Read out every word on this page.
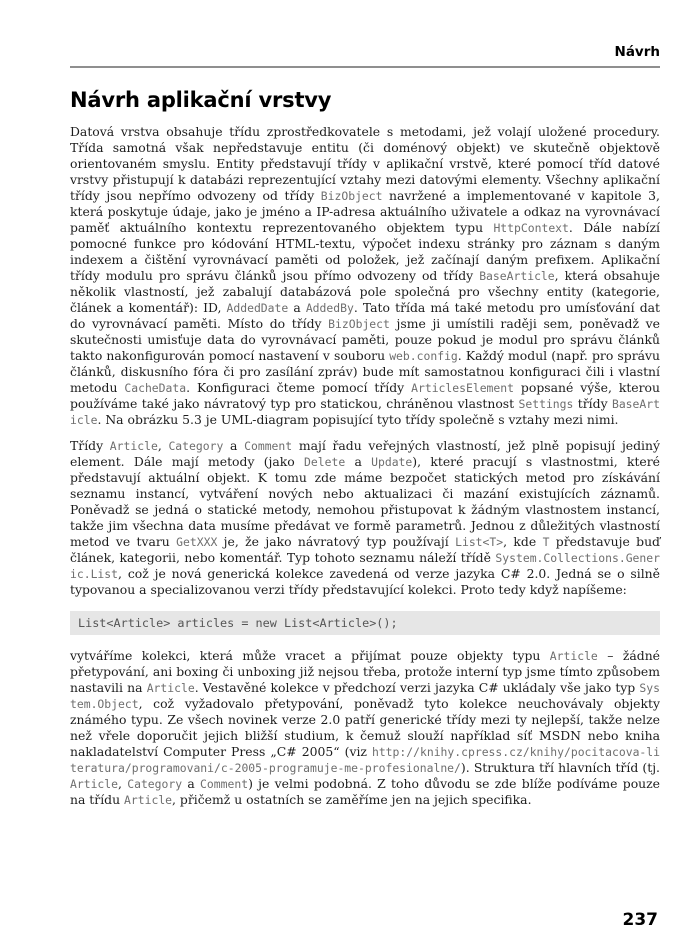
Návrh
Návrh aplikační vrstvy

Datová vrstva obsahuje třídu zprostředkovatele s metodami, jež volají uložené procedury. Třída samotná však nepředstavuje entitu (či doménový objekt) ve skutečně objektově orientovaném smyslu. Entity představují třídy v aplikační vrstvě, které pomocí tříd datové vrstvy přistupují k databázi reprezentující vztahy mezi datovými elementy. Všechny aplikační třídy jsou nepřímo odvozeny od třídy BizObject navržené a implementované v kapitole 3, která poskytuje údaje, jako je jméno a IP-adresa aktuálního uživatele a odkaz na vyrovnávací paměť aktuálního kontextu reprezentovaného objektem typu HttpContext. Dále nabízí pomocné funkce pro kódování HTML-textu, výpočet indexu stránky pro záznam s daným indexem a čištění vyrovnávací paměti od položek, jež začínají daným prefixem. Aplikační třídy modulu pro správu článků jsou přímo odvozeny od třídy BaseArticle, která obsahuje několik vlastností, jež zabalují databázová pole společná pro všechny entity (kategorie, článek a komentář): ID, AddedDate a AddedBy. Tato třída má také metodu pro umísťování dat do vyrovnávací paměti. Místo do třídy BizObject jsme ji umístili raději sem, poněvadž ve skutečnosti umisťuje data do vyrovnávací paměti, pouze pokud je modul pro správu článků takto nakonfigurován pomocí nastavení v souboru web.config. Každý modul (např. pro správu článků, diskusního fóra či pro zasílání zpráv) bude mít samostatnou konfiguraci čili i vlastní metodu CacheData. Konfiguraci čteme pomocí třídy ArticlesElement popsané výše, kterou používáme také jako návratový typ pro statickou, chráněnou vlastnost Settings třídy BaseArticle. Na obrázku 5.3 je UML-diagram popisující tyto třídy společně s vztahy mezi nimi.

Třídy Article, Category a Comment mají řadu veřejných vlastností, jež plně popisují jediný element. Dále mají metody (jako Delete a Update), které pracují s vlastnostmi, které představují aktuální objekt. K tomu zde máme bezpočet statických metod pro získávání seznamu instancí, vytváření nových nebo aktualizaci či mazání existujících záznamů. Poněvadž se jedná o statické metody, nemohou přistupovat k žádným vlastnostem instancí, takže jim všechna data musíme předávat ve formě parametrů. Jednou z důležitých vlastností metod ve tvaru GetXXX je, že jako návratový typ používají List<T>, kde T představuje buď článek, kategorii, nebo komentář. Typ tohoto seznamu náleží třídě System.Collections.Generic.List, což je nová generická kolekce zavedená od verze jazyka C# 2.0. Jedná se o silně typovanou a specializovanou verzi třídy představující kolekci. Proto tedy když napíšeme:

List<Article> articles = new List<Article>();

vytváříme kolekci, která může vracet a přijímat pouze objekty typu Article – žádné přetypování, ani boxing či unboxing již nejsou třeba, protože interní typ jsme tímto způsobem nastavili na Article. Vestavěné kolekce v předchozí verzi jazyka C# ukládaly vše jako typ System.Object, což vyžadovalo přetypování, poněvadž tyto kolekce neuchovávaly objekty známého typu. Ze všech novinek verze 2.0 patří generické třídy mezi ty nejlepší, takže nelze než vřele doporučit jejich bližší studium, k čemuž slouží například síť MSDN nebo kniha nakladatelství Computer Press „C# 2005“ (viz http://knihy.cpress.cz/knihy/pocitacova-literatura/programovani/c-2005-programuje-me-profesionalne/). Struktura tří hlavních tříd (tj. Article, Category a Comment) je velmi podobná. Z toho důvodu se zde blíže podíváme pouze na třídu Article, přičemž u ostatních se zaměříme jen na jejich specifika.

237
